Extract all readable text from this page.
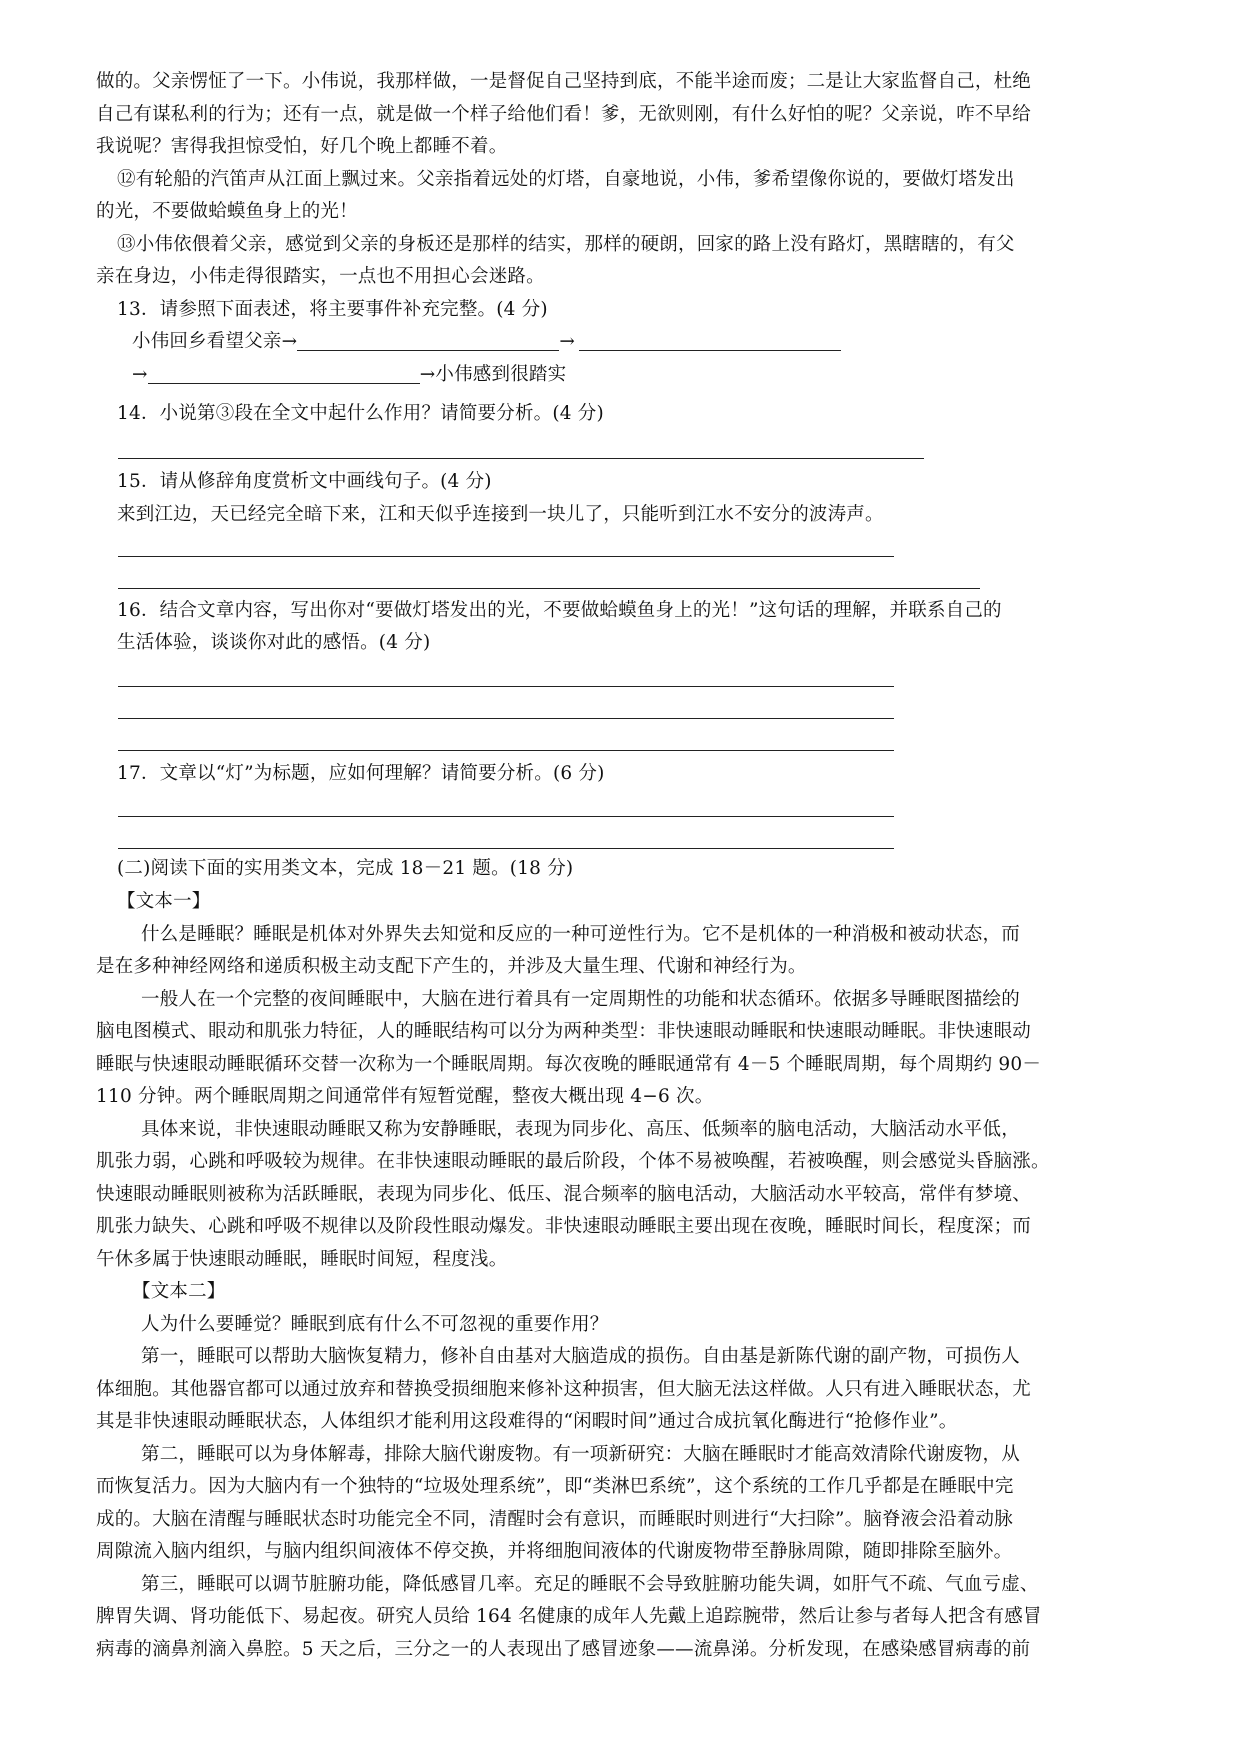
做的。父亲愣怔了一下。小伟说，我那样做，一是督促自己坚持到底，不能半途而废；二是让大家监督自己，杜绝
自己有谋私利的行为；还有一点，就是做一个样子给他们看！爹，无欲则刚，有什么好怕的呢？父亲说，咋不早给
我说呢？害得我担惊受怕，好几个晚上都睡不着。
⑫有轮船的汽笛声从江面上飘过来。父亲指着远处的灯塔，自豪地说，小伟，爹希望像你说的，要做灯塔发出
的光，不要做蛤蟆鱼身上的光！
⑬小伟依偎着父亲，感觉到父亲的身板还是那样的结实，那样的硬朗，回家的路上没有路灯，黑瞎瞎的，有父
亲在身边，小伟走得很踏实，一点也不用担心会迷路。
13．请参照下面表述，将主要事件补充完整。(4 分)
小伟回乡看望父亲→	→
→	→小伟感到很踏实
14．小说第③段在全文中起什么作用？请简要分析。(4 分)
15．请从修辞角度赏析文中画线句子。(4 分)
来到江边，天已经完全暗下来，江和天似乎连接到一块儿了，只能听到江水不安分的波涛声。
16．结合文章内容，写出你对“要做灯塔发出的光，不要做蛤蟆鱼身上的光！”这句话的理解，并联系自己的
生活体验，谈谈你对此的感悟。(4 分)
17．文章以“灯”为标题，应如何理解？请简要分析。(6 分)
(二)阅读下面的实用类文本，完成 18－21 题。(18 分)
【文本一】
什么是睡眠？睡眠是机体对外界失去知觉和反应的一种可逆性行为。它不是机体的一种消极和被动状态，而
是在多种神经网络和递质积极主动支配下产生的，并涉及大量生理、代谢和神经行为。
一般人在一个完整的夜间睡眠中，大脑在进行着具有一定周期性的功能和状态循环。依据多导睡眠图描绘的
脑电图模式、眼动和肌张力特征，人的睡眠结构可以分为两种类型：非快速眼动睡眠和快速眼动睡眠。非快速眼动
睡眠与快速眼动睡眠循环交替一次称为一个睡眠周期。每次夜晚的睡眠通常有 4－5 个睡眠周期，每个周期约 90－
110 分钟。两个睡眠周期之间通常伴有短暂觉醒，整夜大概出现 4−6 次。
具体来说，非快速眼动睡眠又称为安静睡眠，表现为同步化、高压、低频率的脑电活动，大脑活动水平低，
肌张力弱，心跳和呼吸较为规律。在非快速眼动睡眠的最后阶段，个体不易被唤醒，若被唤醒，则会感觉头昏脑涨。
快速眼动睡眠则被称为活跃睡眠，表现为同步化、低压、混合频率的脑电活动，大脑活动水平较高，常伴有梦境、
肌张力缺失、心跳和呼吸不规律以及阶段性眼动爆发。非快速眼动睡眠主要出现在夜晚，睡眠时间长，程度深；而
午休多属于快速眼动睡眠，睡眠时间短，程度浅。
【文本二】
人为什么要睡觉？睡眠到底有什么不可忽视的重要作用？
第一，睡眠可以帮助大脑恢复精力，修补自由基对大脑造成的损伤。自由基是新陈代谢的副产物，可损伤人
体细胞。其他器官都可以通过放弃和替换受损细胞来修补这种损害，但大脑无法这样做。人只有进入睡眠状态，尤
其是非快速眼动睡眠状态，人体组织才能利用这段难得的“闲暇时间”通过合成抗氧化酶进行“抢修作业”。
第二，睡眠可以为身体解毒，排除大脑代谢废物。有一项新研究：大脑在睡眠时才能高效清除代谢废物，从
而恢复活力。因为大脑内有一个独特的“垃圾处理系统”，即“类淋巴系统”，这个系统的工作几乎都是在睡眠中完
成的。大脑在清醒与睡眠状态时功能完全不同，清醒时会有意识，而睡眠时则进行“大扫除”。脑脊液会沿着动脉
周隙流入脑内组织，与脑内组织间液体不停交换，并将细胞间液体的代谢废物带至静脉周隙，随即排除至脑外。
第三，睡眠可以调节脏腑功能，降低感冒几率。充足的睡眠不会导致脏腑功能失调，如肝气不疏、气血亏虚、
脾胃失调、肾功能低下、易起夜。研究人员给 164 名健康的成年人先戴上追踪腕带，然后让参与者每人把含有感冒
病毒的滴鼻剂滴入鼻腔。5 天之后，三分之一的人表现出了感冒迹象——流鼻涕。分析发现，在感染感冒病毒的前
